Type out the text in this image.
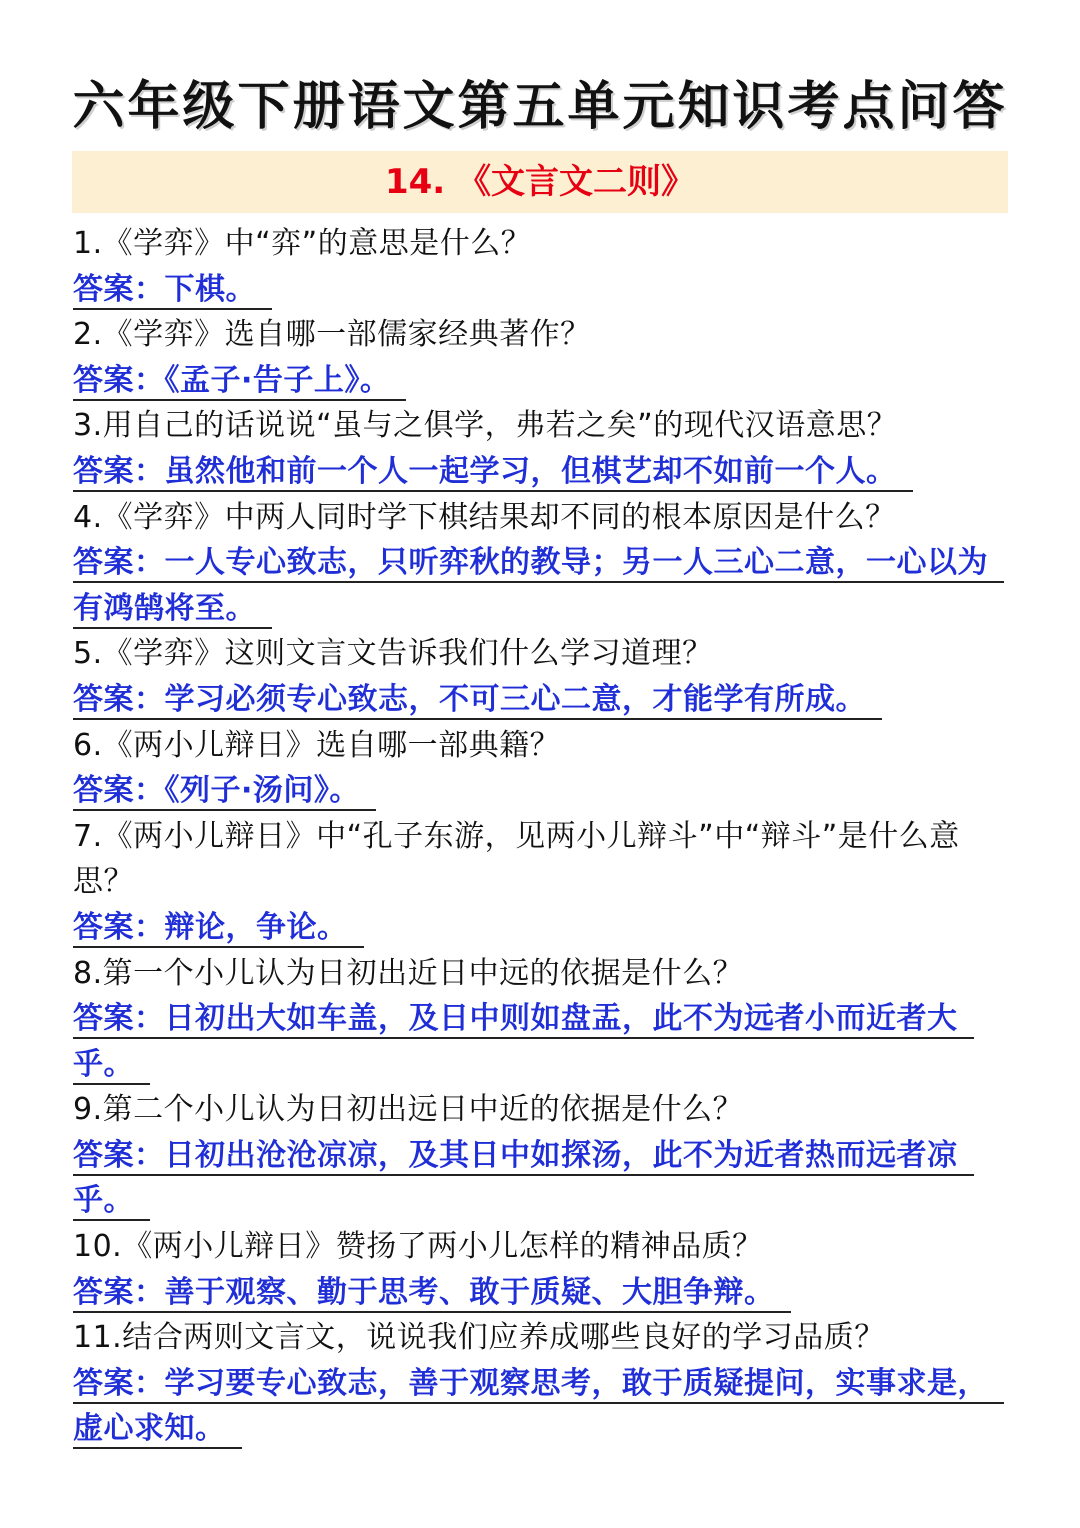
六年级下册语文第五单元知识考点问答
14. 《文言文二则》
1.《学弈》中“弈”的意思是什么？
答案：下棋。
2.《学弈》选自哪一部儒家经典著作？
答案：《孟子·告子上》。
3.用自己的话说说“虽与之俱学，弗若之矣”的现代汉语意思？
答案：虽然他和前一个人一起学习，但棋艺却不如前一个人。
4.《学弈》中两人同时学下棋结果却不同的根本原因是什么？
答案：一人专心致志，只听弈秋的教导；另一人三心二意，一心以为有鸿鹄将至。
5.《学弈》这则文言文告诉我们什么学习道理？
答案：学习必须专心致志，不可三心二意，才能学有所成。
6.《两小儿辩日》选自哪一部典籍？
答案：《列子·汤问》。
7.《两小儿辩日》中“孔子东游，见两小儿辩斗”中“辩斗”是什么意思？
答案：辩论，争论。
8.第一个小儿认为日初出近日中远的依据是什么？
答案：日初出大如车盖，及日中则如盘盂，此不为远者小而近者大乎。
9.第二个小儿认为日初出远日中近的依据是什么？
答案：日初出沧沧凉凉，及其日中如探汤，此不为近者热而远者凉乎。
10.《两小儿辩日》赞扬了两小儿怎样的精神品质？
答案：善于观察、勤于思考、敢于质疑、大胆争辩。
11.结合两则文言文，说说我们应养成哪些良好的学习品质？
答案：学习要专心致志，善于观察思考，敢于质疑提问，实事求是，虚心求知。
